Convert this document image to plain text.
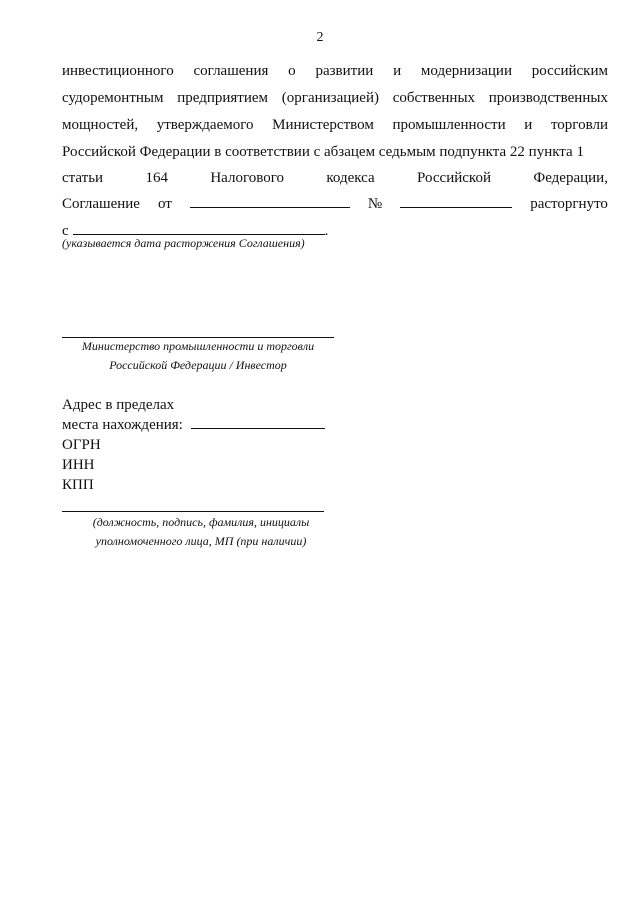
2
инвестиционного соглашения о развитии и модернизации российским
судоремонтным предприятием (организацией) собственных производственных
мощностей, утверждаемого Министерством промышленности и торговли
Российской Федерации в соответствии с абзацем седьмым подпункта 22 пункта 1
статьи	164	Налогового	кодекса	Российской	Федерации,
Соглашение от	№	расторгнуто
с	.
(указывается дата расторжения Соглашения)
Министерство промышленности и торговли
Российской Федерации / Инвестор
Адрес в пределах
места нахождения:
ОГРН
ИНН
КПП
(должность, подпись, фамилия, инициалы
уполномоченного лица, МП (при наличии)
